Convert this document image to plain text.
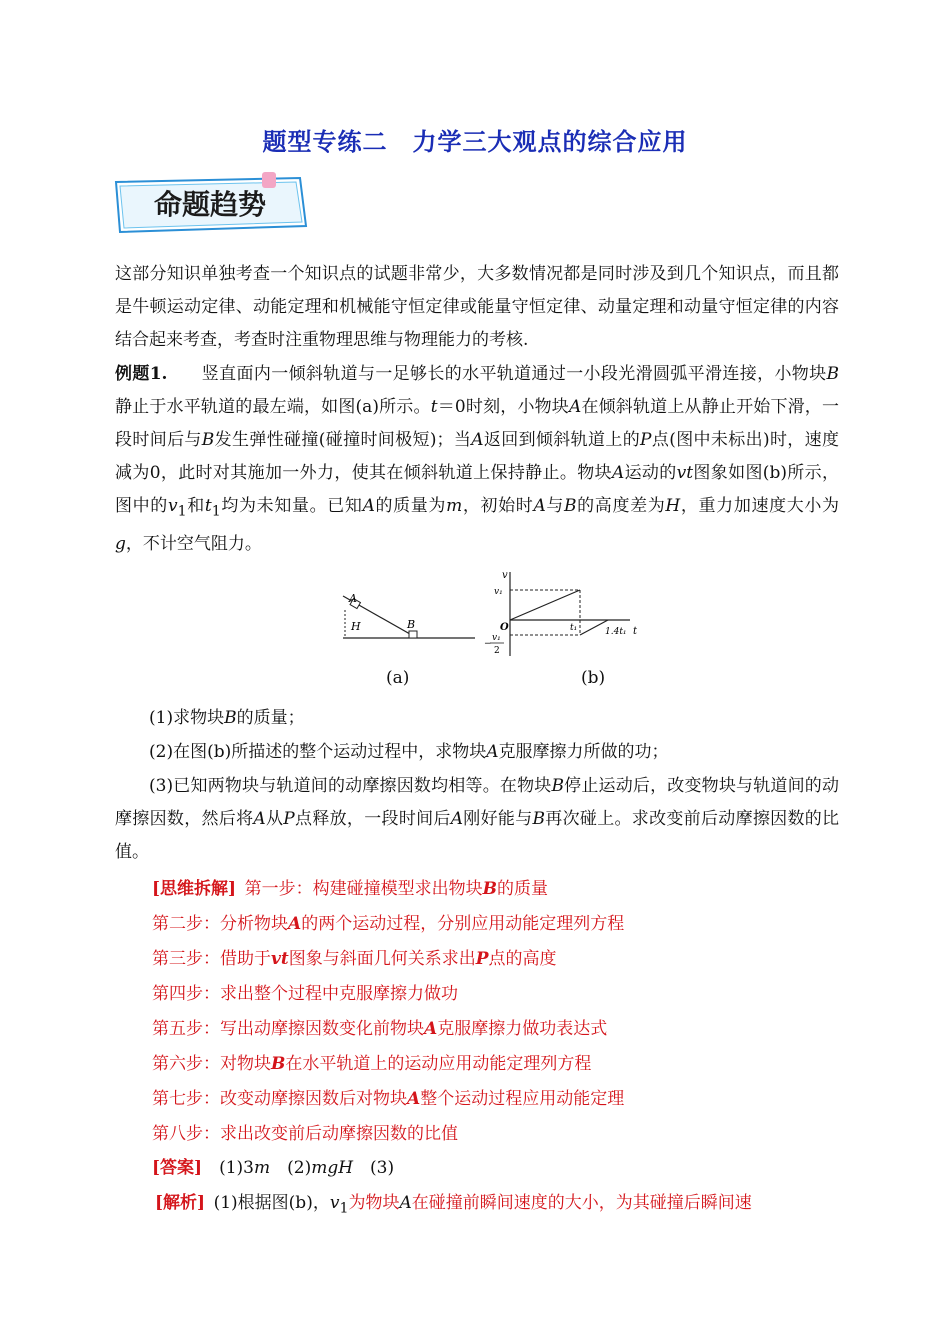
题型专练二　力学三大观点的综合应用
命题趋势
这部分知识单独考查一个知识点的试题非常少，大多数情况都是同时涉及到几个知识点，而且都是牛顿运动定律、动能定理和机械能守恒定律或能量守恒定律、动量定理和动量守恒定律的内容结合起来考查，考查时注重物理思维与物理能力的考核.
例题1.  竖直面内一倾斜轨道与一足够长的水平轨道通过一小段光滑圆弧平滑连接，小物块B静止于水平轨道的最左端，如图(a)所示。t＝0时刻，小物块A在倾斜轨道上从静止开始下滑，一段时间后与B发生弹性碰撞(碰撞时间极短)；当A返回到倾斜轨道上的P点(图中未标出)时，速度减为0，此时对其施加一外力，使其在倾斜轨道上保持静止。物块A运动的vt图象如图(b)所示，图中的$v_1$和$t_1$均为未知量。已知A的质量为m，初始时A与B的高度差为H，重力加速度大小为g，不计空气阻力。
A
H	B
v
v₁
O	t₁	1.4t₁ t
v₁
2
−
(a)	(b)
(1)求物块B的质量；
(2)在图(b)所描述的整个运动过程中，求物块A克服摩擦力所做的功；
(3)已知两物块与轨道间的动摩擦因数均相等。在物块B停止运动后，改变物块与轨道间的动摩擦因数，然后将A从P点释放，一段时间后A刚好能与B再次碰上。求改变前后动摩擦因数的比值。
[思维拆解]  第一步：构建碰撞模型求出物块B的质量
第二步：分析物块A的两个运动过程，分别应用动能定理列方程
第三步：借助于vt图象与斜面几何关系求出P点的高度
第四步：求出整个过程中克服摩擦力做功
第五步：写出动摩擦因数变化前物块A克服摩擦力做功表达式
第六步：对物块B在水平轨道上的运动应用动能定理列方程
第七步：改变动摩擦因数后对物块A整个运动过程应用动能定理
第八步：求出改变前后动摩擦因数的比值
[答案]  (1)3m  (2)mgH  (3)
[解析]  (1)根据图(b)，$v_1$为物块A在碰撞前瞬间速度的大小，为其碰撞后瞬间速
